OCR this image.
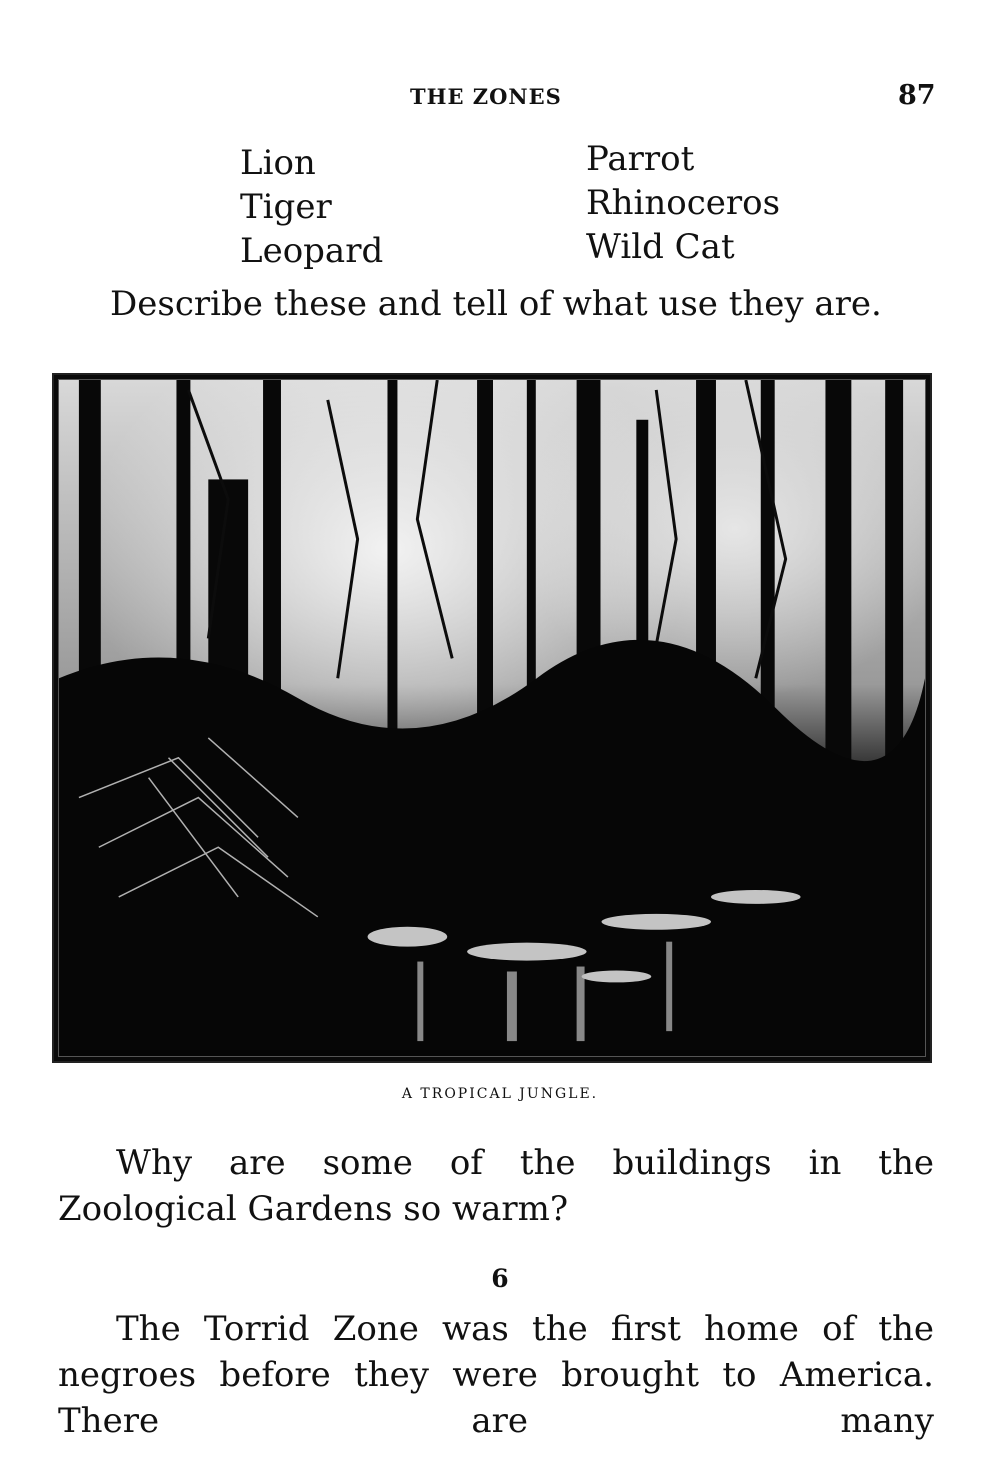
THE ZONES	87
Lion
Tiger
Leopard
Parrot
Rhinoceros
Wild Cat
Describe these and tell of what use they are.
A TROPICAL JUNGLE.

Why are some of the buildings in the Zoological Gardens so warm?

6

The Torrid Zone was the first home of the negroes before they were brought to America. There are many
